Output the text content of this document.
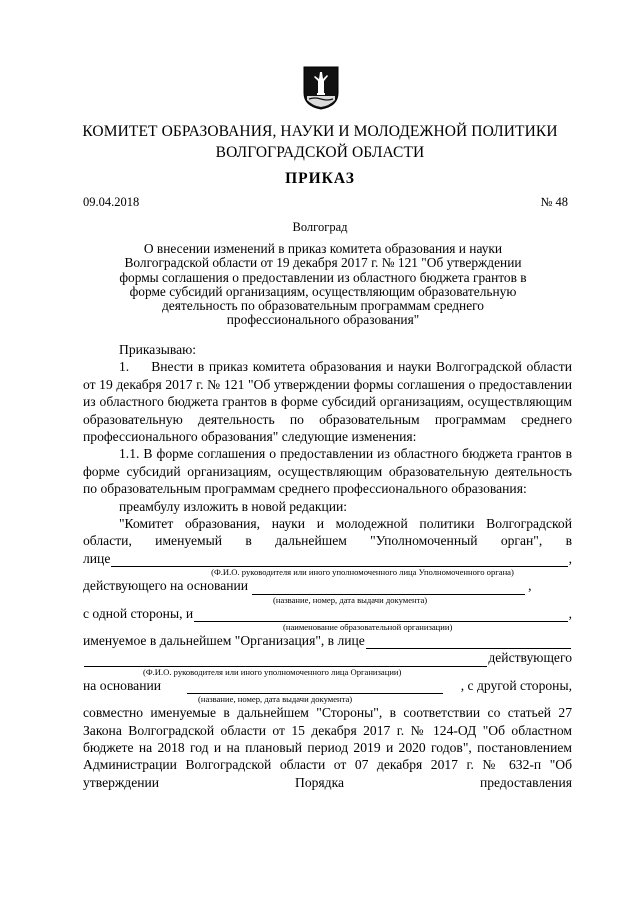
КОМИТЕТ ОБРАЗОВАНИЯ, НАУКИ И МОЛОДЕЖНОЙ ПОЛИТИКИ
ВОЛГОГРАДСКОЙ ОБЛАСТИ
ПРИКАЗ
09.04.2018	№ 48
Волгоград
О внесении изменений в приказ комитета образования и науки
Волгоградской области от 19 декабря 2017 г. № 121 "Об утверждении
формы соглашения о предоставлении из областного бюджета грантов в
форме субсидий организациям, осуществляющим образовательную
деятельность по образовательным программам среднего
профессионального образования"

Приказываю:

1. Внести в приказ комитета образования и науки Волгоградской области от 19 декабря 2017 г. № 121 "Об утверждении формы соглашения о предоставлении из областного бюджета грантов в форме субсидий организациям, осуществляющим образовательную деятельность по образовательным программам среднего профессионального образования" следующие изменения:

1.1. В форме соглашения о предоставлении из областного бюджета грантов в форме субсидий организациям, осуществляющим образовательную деятельность по образовательным программам среднего профессионального образования:

преамбулу изложить в новой редакции:

"Комитет образования, науки и молодежной политики Волгоградской области, именуемый в дальнейшем "Уполномоченный орган", в

лице	,
(Ф.И.О. руководителя или иного уполномоченного лица Уполномоченного органа)
действующего на основании	,
(название, номер, дата выдачи документа)
с одной стороны, и	,
(наименование образовательной организации)
именуемое в дальнейшем "Организация", в лице
действующего
(Ф.И.О. руководителя или иного уполномоченного лица Организации)
на основании	, с другой стороны,
(название, номер, дата выдачи документа)

совместно именуемые в дальнейшем "Стороны", в соответствии со статьей 27 Закона Волгоградской области от 15 декабря 2017 г. № 124-ОД "Об областном бюджете на 2018 год и на плановый период 2019 и 2020 годов", постановлением Администрации Волгоградской области от 07 декабря 2017 г. № 632-п "Об утверждении Порядка предоставления
